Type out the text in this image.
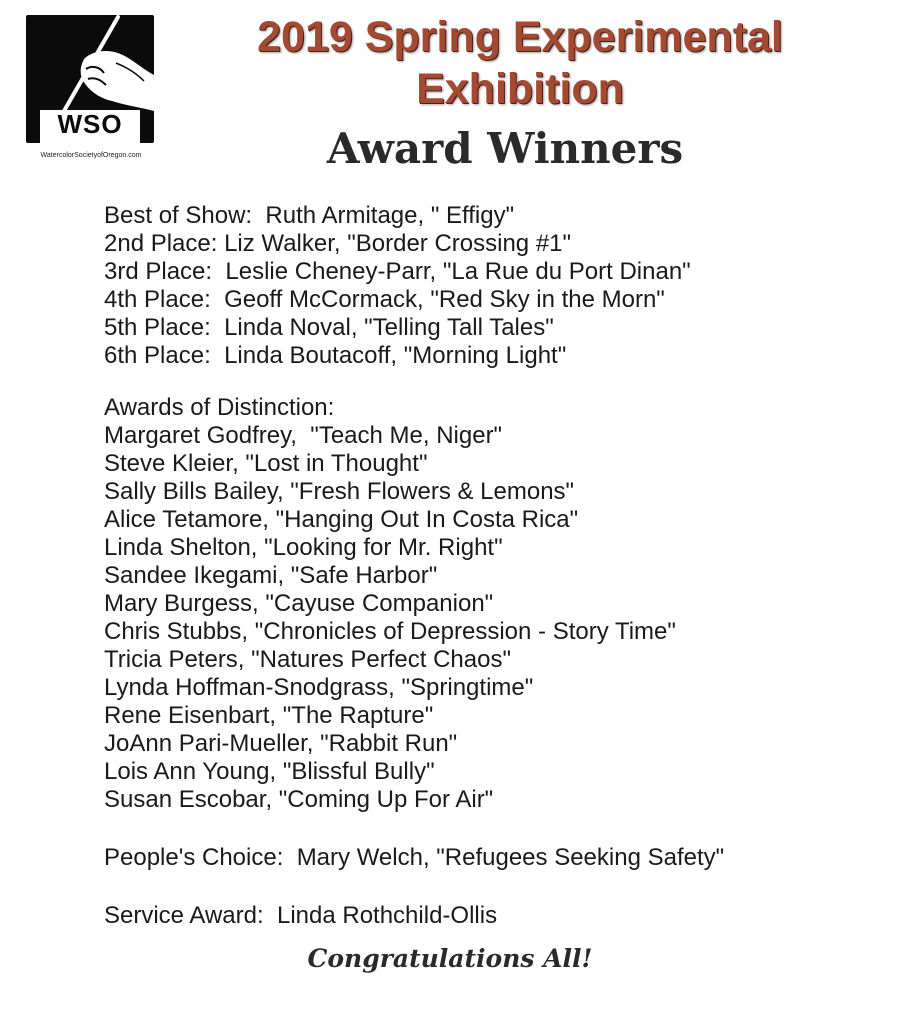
WSO
WatercolorSocietyofOregon.com
2019 Spring Experimental
Exhibition
Award Winners
Best of Show:  Ruth Armitage, " Effigy"
2nd Place: Liz Walker, "Border Crossing #1"
3rd Place:  Leslie Cheney-Parr, "La Rue du Port Dinan"
4th Place:  Geoff McCormack, "Red Sky in the Morn"
5th Place:  Linda Noval, "Telling Tall Tales"
6th Place:  Linda Boutacoff, "Morning Light"
Awards of Distinction:
Margaret Godfrey,  "Teach Me, Niger"
Steve Kleier, "Lost in Thought"
Sally Bills Bailey, "Fresh Flowers & Lemons"
Alice Tetamore, "Hanging Out In Costa Rica"
Linda Shelton, "Looking for Mr. Right"
Sandee Ikegami, "Safe Harbor"
Mary Burgess, "Cayuse Companion"
Chris Stubbs, "Chronicles of Depression - Story Time"
Tricia Peters, "Natures Perfect Chaos"
Lynda Hoffman-Snodgrass, "Springtime"
Rene Eisenbart, "The Rapture"
JoAnn Pari-Mueller, "Rabbit Run"
Lois Ann Young, "Blissful Bully"
Susan Escobar, "Coming Up For Air"
People's Choice:  Mary Welch, "Refugees Seeking Safety"
Service Award:  Linda Rothchild-Ollis
Congratulations All!
